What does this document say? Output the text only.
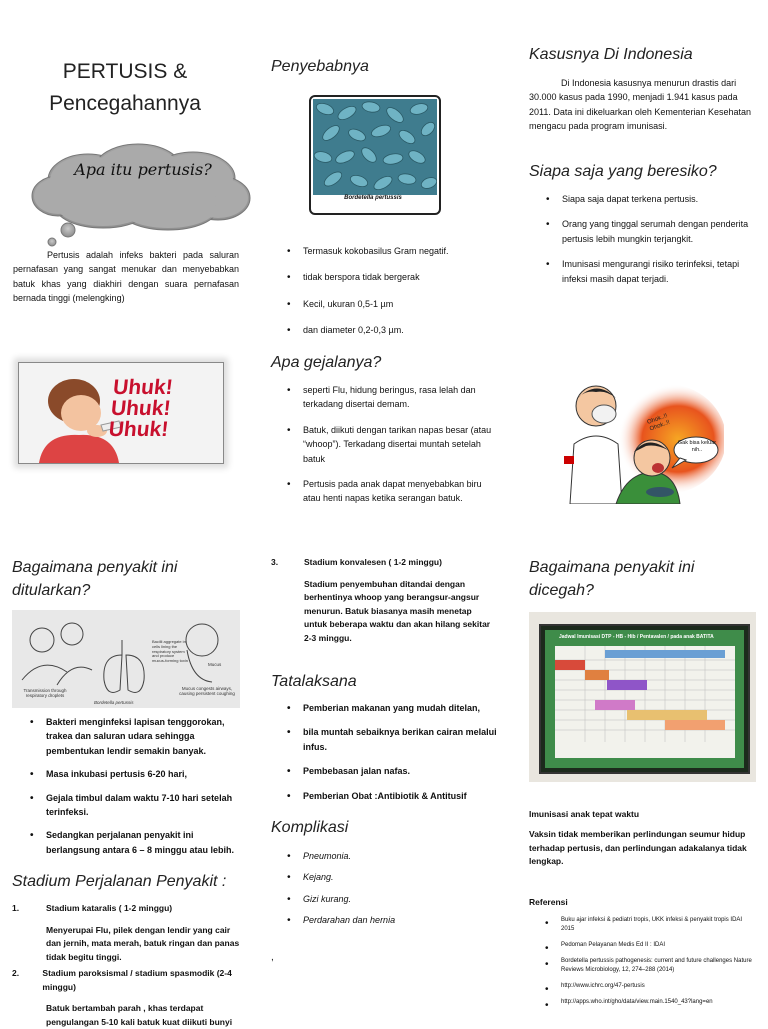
PERTUSIS &
Pencegahannya
Apa itu pertusis?
Pertusis adalah infeks bakteri pada saluran pernafasan yang sangat menukar dan menyebabkan batuk khas yang diakhiri dengan suara pernafasan bernada tinggi (melengking)
Uhuk!
Uhuk!
Uhuk!
Bagaimana penyakit ini
ditularkan?
Transmission through respiratory droplets
Bacilli aggregate in cells lining the respiratory system and produce mucus-forming toxin
Mucus congests airways, causing persistent coughing
Bordetella pertussis
Mucus
• Bakteri menginfeksi lapisan tenggorokan, trakea dan saluran udara sehingga pembentukan lendir semakin banyak.
• Masa inkubasi pertusis 6-20 hari,
• Gejala timbul dalam waktu 7-10 hari setelah terinfeksi.
• Sedangkan perjalanan penyakit ini berlangsung antara 6 – 8 minggu atau lebih.
Stadium Perjalanan Penyakit :
1.	Stadium kataralis ( 1-2 minggu)
Menyerupai Flu, pilek dengan lendir yang cair dan jernih, mata merah, batuk ringan dan panas tidak begitu tinggi.
2.	Stadium paroksismal / stadium spasmodik (2-4 minggu)
Batuk bertambah parah , khas terdapat pengulangan 5-10 kali batuk kuat diikuti bunyi
Penyebabnya
Bordetella pertussis
• Termasuk kokobasilus Gram negatif.
• tidak berspora tidak bergerak
• Kecil, ukuran 0,5-1 µm
• dan diameter 0,2-0,3 µm.
Apa gejalanya?
• seperti Flu, hidung beringus, rasa lelah dan terkadang disertai demam.
• Batuk, diikuti dengan tarikan napas besar (atau “whoop”). Terkadang disertai muntah setelah batuk
• Pertusis pada anak dapat menyebabkan biru atau henti napas ketika serangan batuk.
3.	Stadium konvalesen ( 1-2 minggu)
Stadium penyembuhan ditandai dengan berhentinya whoop yang berangsur-angsur menurun. Batuk biasanya masih menetap untuk beberapa waktu dan akan hilang sekitar 2-3 minggu.
Tatalaksana
• Pemberian makanan yang mudah ditelan,
• bila muntah sebaiknya berikan cairan melalui infus.
• Pembebasan jalan nafas.
• Pemberian Obat :Antibiotik & Antitusif
Komplikasi
• Pneumonia.
• Kejang.
• Gizi kurang.
• Perdarahan dan hernia
,
Kasusnya Di Indonesia
Di Indonesia kasusnya menurun drastis dari 30.000 kasus pada 1990, menjadi 1.941 kasus pada 2011. Data ini dikeluarkan oleh Kementerian Kesehatan mengacu pada program imunisasi.
Siapa saja yang beresiko?
• Siapa saja dapat terkena pertusis.
• Orang yang tinggal serumah dengan penderita pertusis lebih mungkin terjangkit.
• Imunisasi mengurangi risiko terinfeksi, tetapi infeksi masih dapat terjadi.
Gak bisa keluar nih..
Ohok..!! Ohok..!!
Bagaimana penyakit ini
dicegah?
Jadwal Imunisasi DTP - HB - Hib / Pentavalen / pada anak BATITA
Imunisasi anak tepat waktu
Vaksin tidak memberikan perlindungan seumur hidup terhadap pertusis, dan perlindungan adakalanya tidak lengkap.
Referensi
• Buku ajar infeksi & pediatri tropis, UKK infeksi & penyakit tropis IDAI 2015
• Pedoman Pelayanan Medis Ed II : IDAI
• Bordetella pertussis pathogenesis: current and future challenges Nature Reviews Microbiology, 12, 274–288 (2014)
• http://www.ichrc.org/47-pertusis
• http://apps.who.int/gho/data/view.main.1540_43?lang=en
